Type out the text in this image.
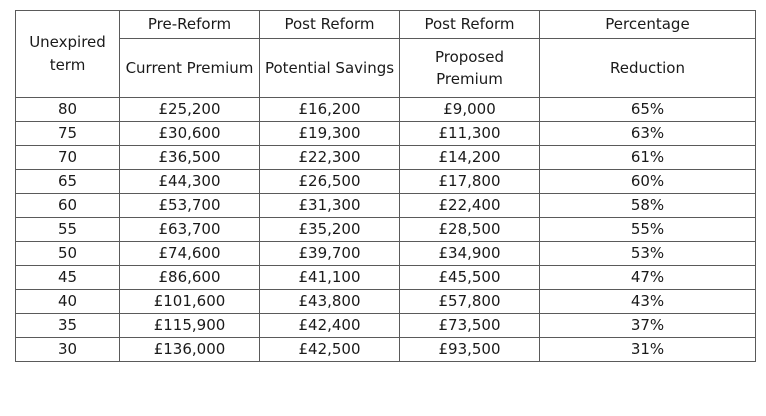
Unexpired term	Pre-Reform	Post Reform	Post Reform	Percentage
	Current Premium	Potential Savings	Proposed Premium	Reduction
80	£25,200	£16,200	£9,000	65%
75	£30,600	£19,300	£11,300	63%
70	£36,500	£22,300	£14,200	61%
65	£44,300	£26,500	£17,800	60%
60	£53,700	£31,300	£22,400	58%
55	£63,700	£35,200	£28,500	55%
50	£74,600	£39,700	£34,900	53%
45	£86,600	£41,100	£45,500	47%
40	£101,600	£43,800	£57,800	43%
35	£115,900	£42,400	£73,500	37%
30	£136,000	£42,500	£93,500	31%
